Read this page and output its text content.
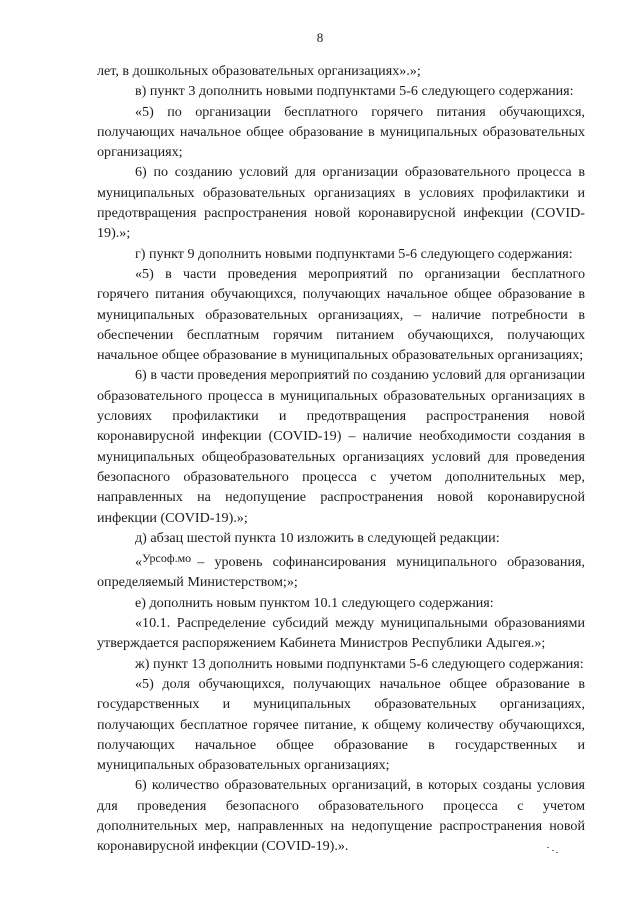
8

лет, в дошкольных образовательных организациях».»;

в) пункт 3 дополнить новыми подпунктами 5-6 следующего содержания:

«5) по организации бесплатного горячего питания обучающихся, получающих начальное общее образование в муниципальных образовательных организациях;

6) по созданию условий для организации образовательного процесса в муниципальных образовательных организациях в условиях профилактики и предотвращения распространения новой коронавирусной инфекции (COVID-19).»;

г) пункт 9 дополнить новыми подпунктами 5-6 следующего содержания:

«5) в части проведения мероприятий по организации бесплатного горячего питания обучающихся, получающих начальное общее образование в муниципальных образовательных организациях, – наличие потребности в обеспечении бесплатным горячим питанием обучающихся, получающих начальное общее образование в муниципальных образовательных организациях;

6) в части проведения мероприятий по созданию условий для организации образовательного процесса в муниципальных образовательных организациях в условиях профилактики и предотвращения распространения новой коронавирусной инфекции (COVID-19) – наличие необходимости создания в муниципальных общеобразовательных организациях условий для проведения безопасного образовательного процесса с учетом дополнительных мер, направленных на недопущение распространения новой коронавирусной инфекции (COVID-19).»;

д) абзац шестой пункта 10 изложить в следующей редакции:

«Урсоф.мо – уровень софинансирования муниципального образования, определяемый Министерством;»;

е) дополнить новым пунктом 10.1 следующего содержания:

«10.1. Распределение субсидий между муниципальными образованиями утверждается распоряжением Кабинета Министров Республики Адыгея.»;

ж) пункт 13 дополнить новыми подпунктами 5-6 следующего содержания:

«5) доля обучающихся, получающих начальное общее образование в государственных и муниципальных образовательных организациях, получающих бесплатное горячее питание, к общему количеству обучающихся, получающих начальное общее образование в государственных и муниципальных образовательных организациях;

6) количество образовательных организаций, в которых созданы условия для проведения безопасного образовательного процесса с учетом дополнительных мер, направленных на недопущение распространения новой коронавирусной инфекции (COVID-19).».
